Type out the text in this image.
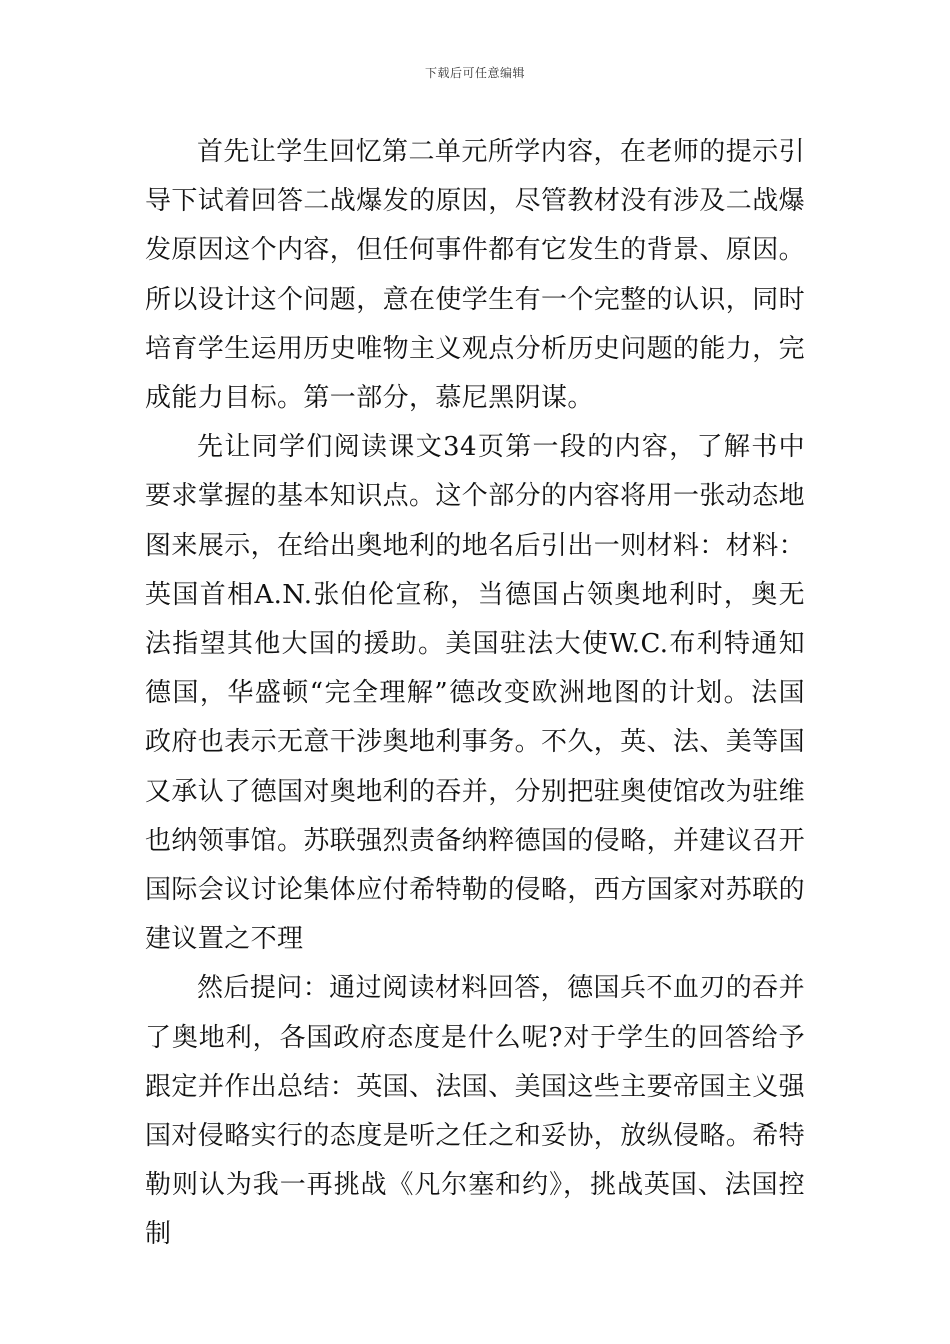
下载后可任意编辑

首先让学生回忆第二单元所学内容，在老师的提示引导下试着回答二战爆发的原因，尽管教材没有涉及二战爆发原因这个内容，但任何事件都有它发生的背景、原因。所以设计这个问题，意在使学生有一个完整的认识，同时培育学生运用历史唯物主义观点分析历史问题的能力，完成能力目标。第一部分，慕尼黑阴谋。

先让同学们阅读课文34页第一段的内容，了解书中要求掌握的基本知识点。这个部分的内容将用一张动态地图来展示，在给出奥地利的地名后引出一则材料：材料：英国首相A.N.张伯伦宣称，当德国占领奥地利时，奥无法指望其他大国的援助。美国驻法大使W.C.布利特通知德国，华盛顿“完全理解”德改变欧洲地图的计划。法国政府也表示无意干涉奥地利事务。不久，英、法、美等国又承认了德国对奥地利的吞并，分别把驻奥使馆改为驻维也纳领事馆。苏联强烈责备纳粹德国的侵略，并建议召开国际会议讨论集体应付希特勒的侵略，西方国家对苏联的建议置之不理

然后提问：通过阅读材料回答，德国兵不血刃的吞并了奥地利，各国政府态度是什么呢?对于学生的回答给予跟定并作出总结：英国、法国、美国这些主要帝国主义强国对侵略实行的态度是听之任之和妥协，放纵侵略。希特勒则认为我一再挑战《凡尔塞和约》，挑战英国、法国控制
